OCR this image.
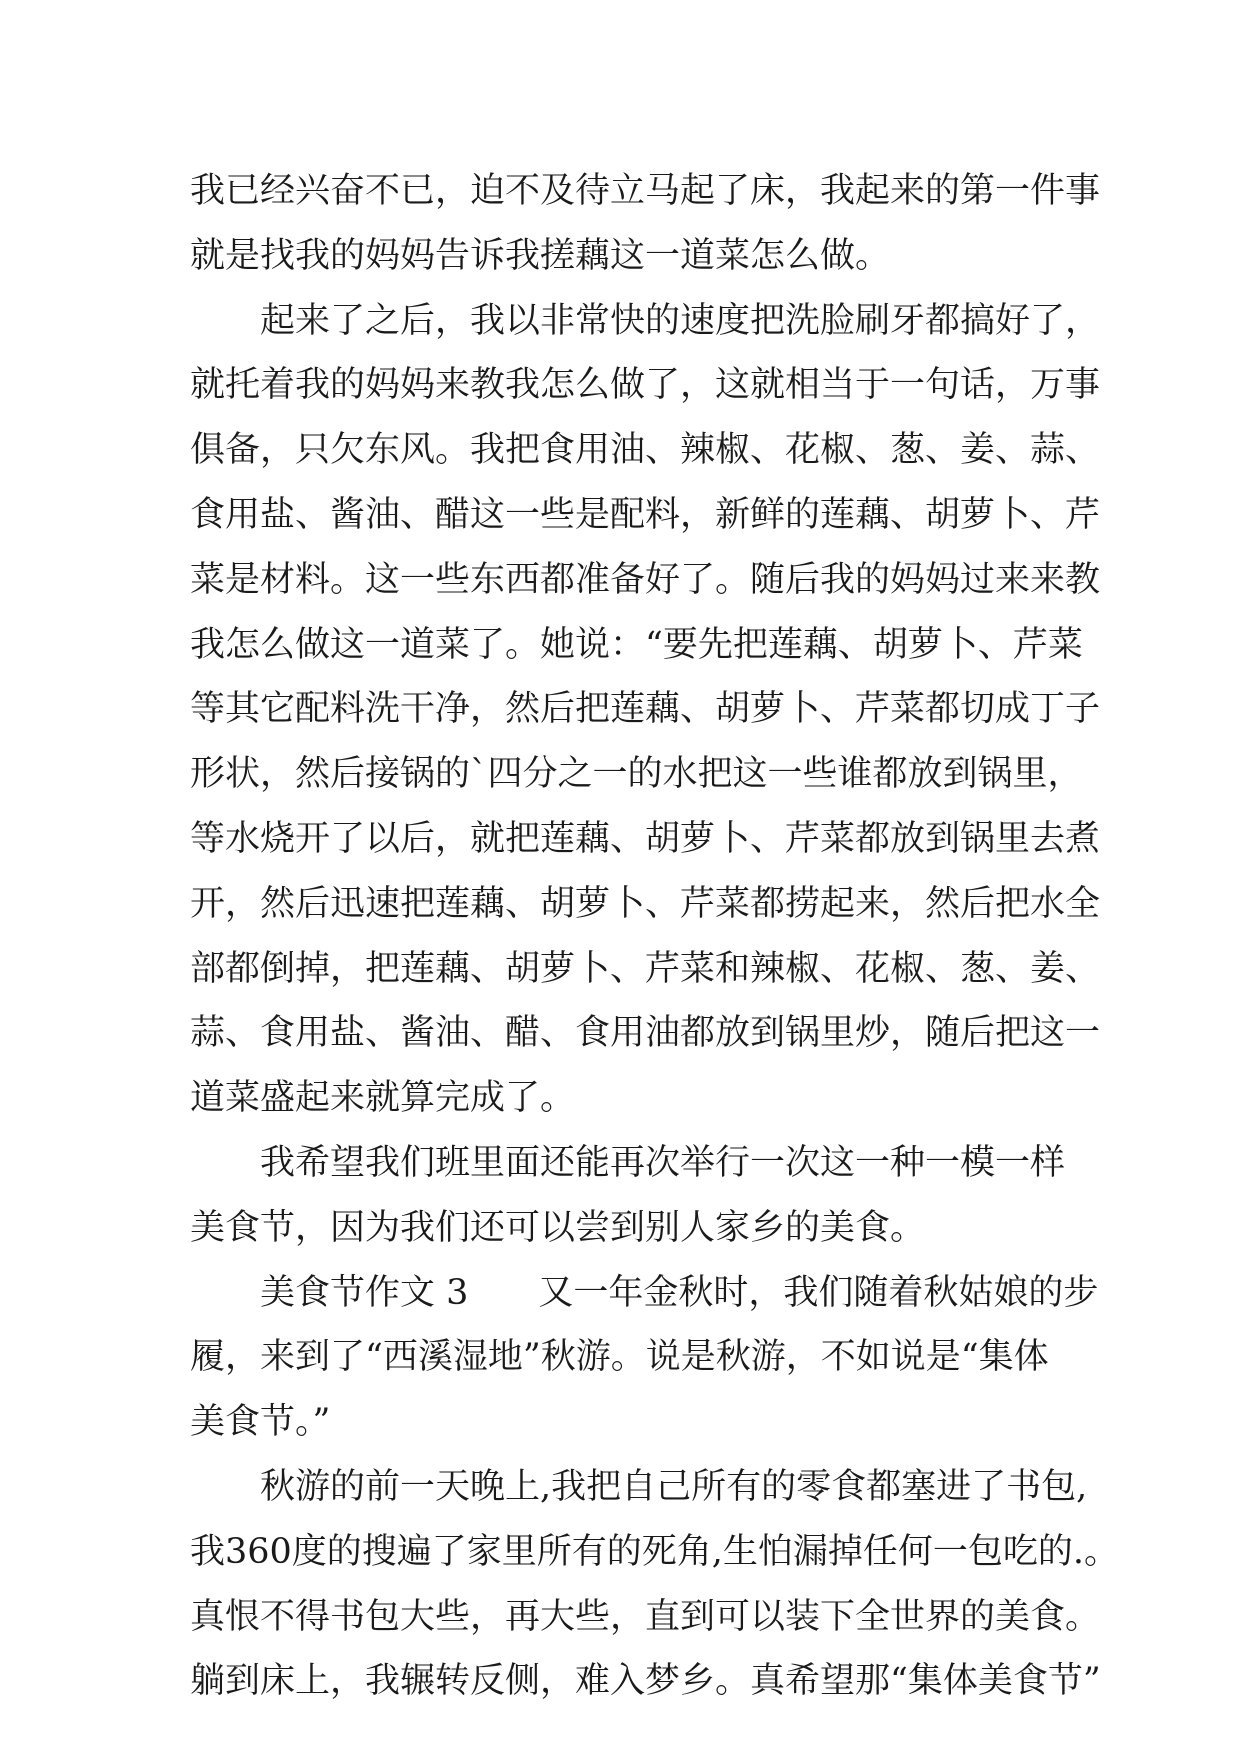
我已经兴奋不已，迫不及待立马起了床，我起来的第一件事
就是找我的妈妈告诉我搓藕这一道菜怎么做。
　　起来了之后，我以非常快的速度把洗脸刷牙都搞好了，
就托着我的妈妈来教我怎么做了，这就相当于一句话，万事
俱备，只欠东风。我把食用油、辣椒、花椒、葱、姜、蒜、
食用盐、酱油、醋这一些是配料，新鲜的莲藕、胡萝卜、芹
菜是材料。这一些东西都准备好了。随后我的妈妈过来来教
我怎么做这一道菜了。她说：“要先把莲藕、胡萝卜、芹菜
等其它配料洗干净，然后把莲藕、胡萝卜、芹菜都切成丁子
形状，然后接锅的`四分之一的水把这一些谁都放到锅里，
等水烧开了以后，就把莲藕、胡萝卜、芹菜都放到锅里去煮
开，然后迅速把莲藕、胡萝卜、芹菜都捞起来，然后把水全
部都倒掉，把莲藕、胡萝卜、芹菜和辣椒、花椒、葱、姜、
蒜、食用盐、酱油、醋、食用油都放到锅里炒，随后把这一
道菜盛起来就算完成了。
　　我希望我们班里面还能再次举行一次这一种一模一样
美食节，因为我们还可以尝到别人家乡的美食。
　　美食节作文 3　　又一年金秋时，我们随着秋姑娘的步
履，来到了“西溪湿地”秋游。说是秋游，不如说是“集体
美食节。”
　　秋游的前一天晚上,我把自己所有的零食都塞进了书包,
我360度的搜遍了家里所有的死角,生怕漏掉任何一包吃的.。
真恨不得书包大些，再大些，直到可以装下全世界的美食。
躺到床上，我辗转反侧，难入梦乡。真希望那“集体美食节”
